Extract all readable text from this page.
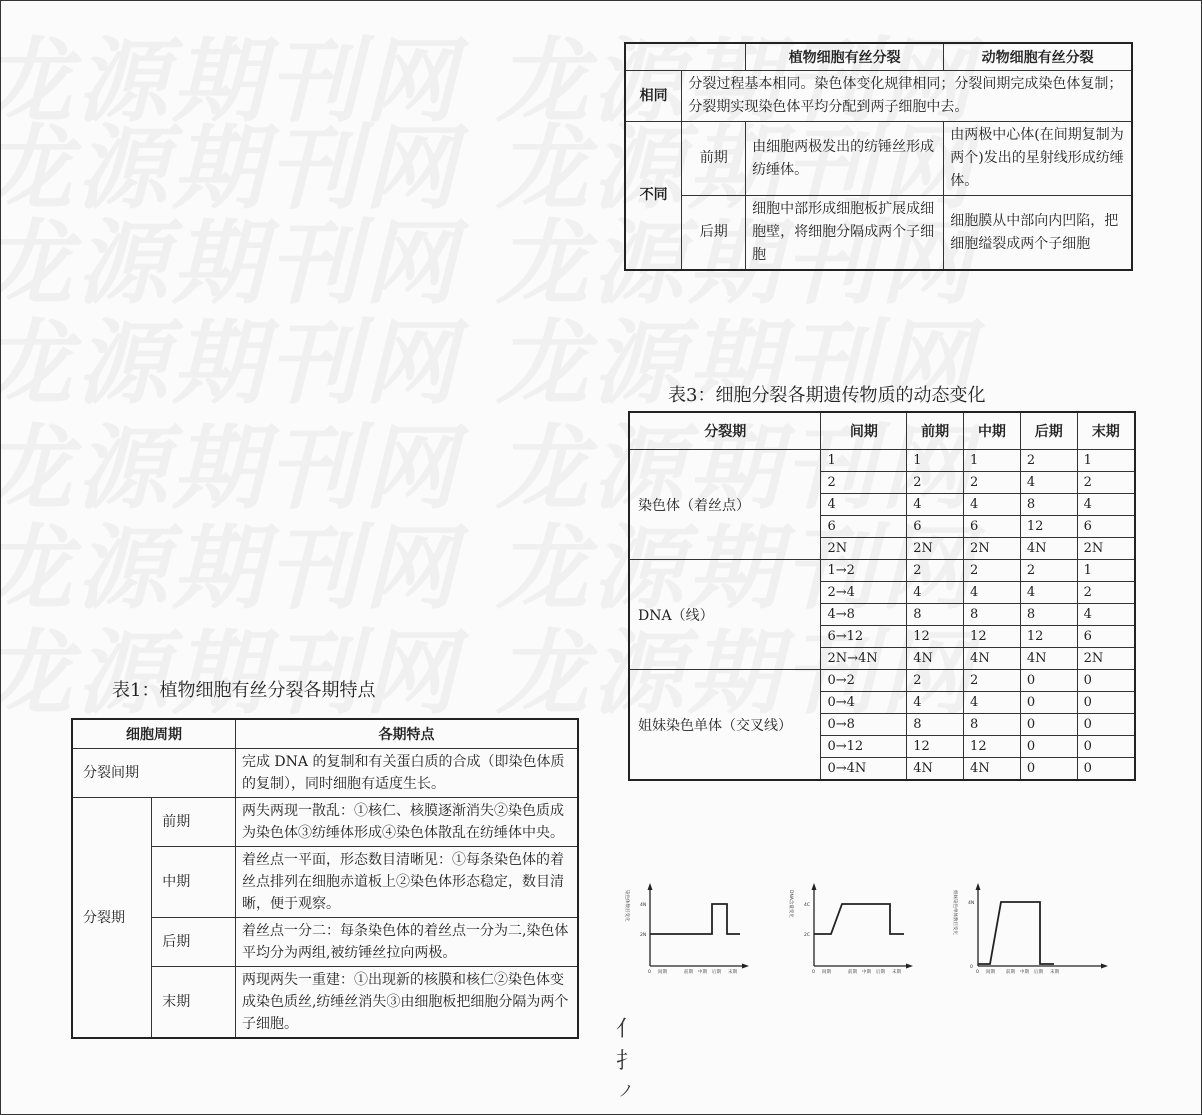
		植物细胞有丝分裂	动物细胞有丝分裂
相同	分裂过程基本相同。染色体变化规律相同；分裂间期完成染色体复制；分裂期实现染色体平均分配到两子细胞中去。		
不同	前期	由细胞两极发出的纺锤丝形成纺缍体。	由两极中心体(在间期复制为两个)发出的星射线形成纺缍体。
	后期	细胞中部形成细胞板扩展成细胞壁，将细胞分隔成两个子细胞	细胞膜从中部向内凹陷，把细胞缢裂成两个子细胞
表3：细胞分裂各期遗传物质的动态变化
分裂期	间期	前期	中期	后期	末期
染色体（着丝点）	1	1	1	2	1
	2	2	2	4	2
	4	4	4	8	4
	6	6	6	12	6
	2N	2N	2N	4N	2N
DNA（线）	1→2	2	2	2	1
	2→4	4	4	4	2
	4→8	8	8	8	4
	6→12	12	12	12	6
	2N→4N	4N	4N	4N	2N
姐妹染色单体（交叉线）	0→2	2	2	0	0
	0→4	4	4	0	0
	0→8	8	8	0	0
	0→12	12	12	0	0
	0→4N	4N	4N	0	0
表1：植物细胞有丝分裂各期特点
细胞周期		各期特点
分裂间期		完成 DNA 的复制和有关蛋白质的合成（即染色体质的复制），同时细胞有适度生长。
分裂期	前期	两失两现一散乱：①核仁、核膜逐渐消失②染色质成为染色体③纺缍体形成④染色体散乱在纺缍体中央。
	中期	着丝点一平面，形态数目清晰见：①每条染色体的着丝点排列在细胞赤道板上②染色体形态稳定，数目清晰，便于观察。
	后期	着丝点一分二：每条染色体的着丝点一分为二,染色体平均分为两组,被纺锤丝拉向两极。
	末期	两现两失一重建：①出现新的核膜和核仁②染色体变成染色质丝,纺缍丝消失③由细胞板把细胞分隔为两个子细胞。
染色体数目变化
2N
4N
0 间期	前期 中期 后期 末期
DNA含量变化
2C
4C
0 间期	前期 中期 后期 末期
姐妹染色单体数目变化
0
4N
0 间期 前期 中期 后期 末期
亻
扌
ノ
